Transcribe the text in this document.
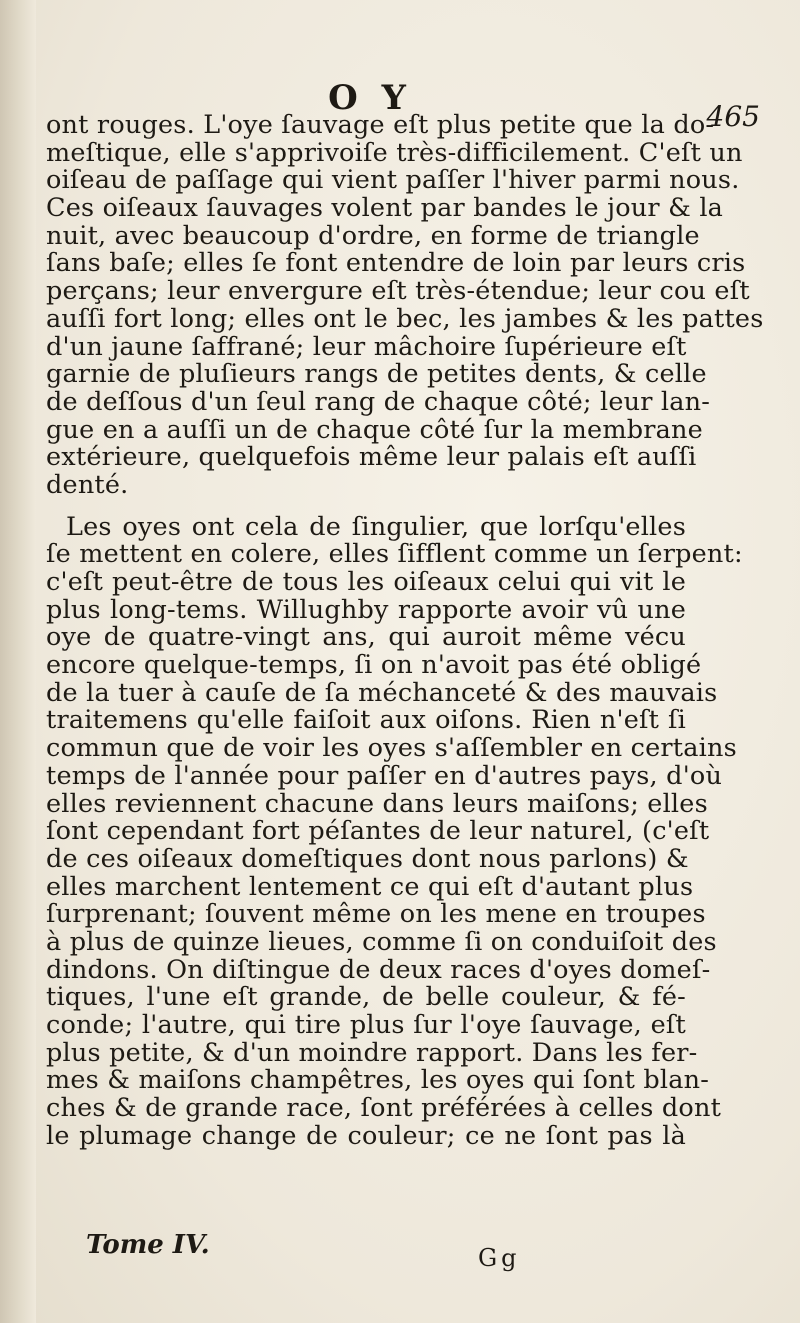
O Y	465
ont rouges. L'oye ſauvage eſt plus petite que la do-
meſtique, elle s'apprivoiſe très-difficilement. C'eſt un
oiſeau de paſſage qui vient paſſer l'hiver parmi nous.
Ces oiſeaux ſauvages volent par bandes le jour & la
nuit, avec beaucoup d'ordre, en forme de triangle
ſans baſe; elles ſe font entendre de loin par leurs cris
perçans; leur envergure eſt très-étendue; leur cou eſt
auſſi fort long; elles ont le bec, les jambes & les pattes
d'un jaune ſaffrané; leur mâchoire ſupérieure eſt
garnie de pluſieurs rangs de petites dents, & celle
de deſſous d'un ſeul rang de chaque côté; leur lan-
gue en a auſſi un de chaque côté ſur la membrane
extérieure, quelquefois même leur palais eſt auſſi
denté.
Les oyes ont cela de ſingulier, que lorſqu'elles
ſe mettent en colere, elles ſifflent comme un ſerpent:
c'eſt peut-être de tous les oiſeaux celui qui vit le
plus long-tems. Willughby rapporte avoir vû une
oye de quatre-vingt ans, qui auroit même vécu
encore quelque-temps, ſi on n'avoit pas été obligé
de la tuer à cauſe de ſa méchanceté & des mauvais
traitemens qu'elle faiſoit aux oiſons. Rien n'eſt ſi
commun que de voir les oyes s'aſſembler en certains
temps de l'année pour paſſer en d'autres pays, d'où
elles reviennent chacune dans leurs maiſons; elles
ſont cependant fort péſantes de leur naturel, (c'eſt
de ces oiſeaux domeſtiques dont nous parlons) &
elles marchent lentement ce qui eſt d'autant plus
ſurprenant; ſouvent même on les mene en troupes
à plus de quinze lieues, comme ſi on conduiſoit des
dindons. On diſtingue de deux races d'oyes domeſ-
tiques, l'une eſt grande, de belle couleur, & fé-
conde; l'autre, qui tire plus ſur l'oye ſauvage, eſt
plus petite, & d'un moindre rapport. Dans les fer-
mes & maiſons champêtres, les oyes qui ſont blan-
ches & de grande race, ſont préférées à celles dont
le plumage change de couleur; ce ne ſont pas là
Tome IV.	Gg
